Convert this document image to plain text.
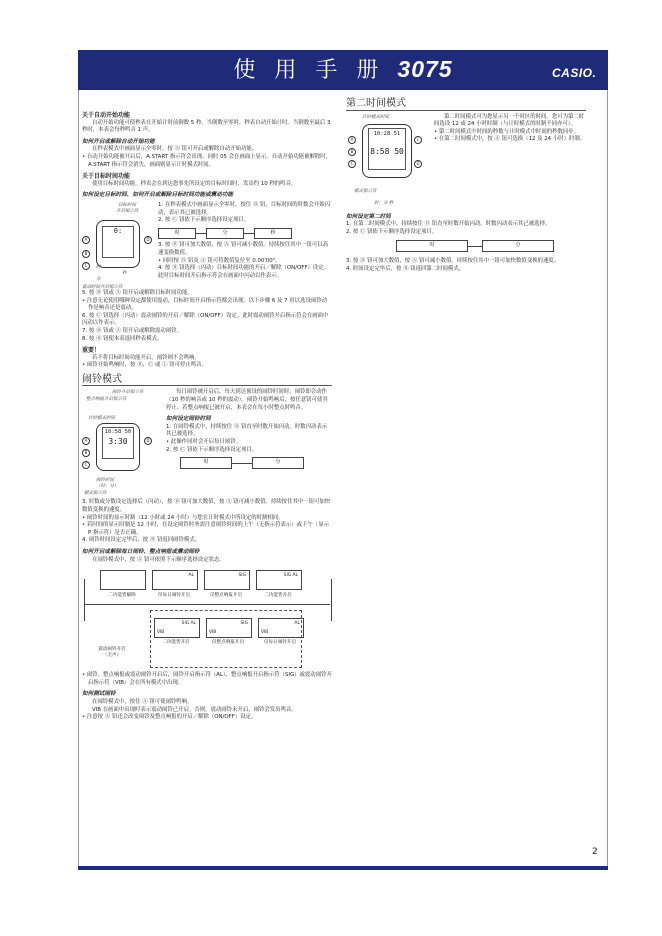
使 用 手 册 3075	CASIO.
2

关于自动开始功能

自动开始功能可使秒表在开始计时前倒数 5 秒。当倒数至零时，秒表自动开始计时。当倒数至最后 3 秒时，本表会每秒鸣音 1 声。

如何开启或解除自动开始功能

在秒表模式中画面显示全零时，按 Ⓐ 钮可开启或解除自动开始功能。

• 自动开始功能被开启后，A.START 指示符会出现。同时 05 会在画面上显示。自动开始功能被解除时，A.START 指示符会消失，画面则显示计时模式时间。

关于目标时间功能

使用目标时间功能，秒表会在到达您事先所设定的目标时间时，发出约 10 秒的鸣音。

如何设定目标时间、如何开启或解除目标时间功能或震动功能

目标时间
开启指示符
0:
A
B
C
D
时
秒
分
震动时间开启指示符

1. 在秒表模式中画面显示全零时，按住 Ⓓ 钮，目标时间的时数会开始闪动，表示其已被选择。

2. 按 Ⓒ 钮依下示顺序选择设定项目。

时	分	秒

3. 按 Ⓓ 钮可加大数值，按 Ⓐ 钮可减小数值。持续按住其中一钮可以高速变换数值。

• 同时按 Ⓓ 钮及 Ⓐ 钮可将数值复位至 0.00'00"。

4. 按 Ⓑ 钮选择（闪动）目标时间功能的开启／解除（ON/OFF）设定。此时目标时间开启指示符会在画面中闪动以作表示。

5. 按 Ⓓ 钮或 Ⓐ 钮开启或解除目标时间功能。

• 注意无论使用哪种设定都使用震动，目标时间开启指示符都会出现。以下步骤 6 及 7 用以选设闹铃动作是响音还是震动。

6. 按 Ⓒ 钮选择（闪动）震动闹铃的开启／解除（ON/OFF）设定。此时震动闹铃开启指示符会在画面中闪动以作表示。

7. 按 Ⓓ 钮或 Ⓐ 钮开启或解除震动闹铃。

8. 按 Ⓑ 钮使本表返回秒表模式。

重要！

若不将目标时间功能开启，闹铃则不会鸣响。

• 闹铃开始鸣响时，按 Ⓑ、Ⓒ 或 Ⓛ 钮可停止鸣音。

闹铃模式
闹铃开启指示符
整点响报开启指示符
计时模式时间
10:58 50
3:30
A
B
C
D
闹铃时间
（时：分）
模式指示符

每日闹铃被开启后，每天到达预设的闹铃时间时，闹铃即会动作（10 秒的响音或 10 秒的震动）。闹铃开始鸣响后，按任意钮可使其停止。若整点响报已被开启，本表会在每小时整点时鸣音。

如何设定闹铃时间

1. 在闹铃模式中，持续按住 Ⓓ 钮直至时数开始闪动。时数闪动表示其已被选择。

• 此操作同时会开启每日闹铃。

2. 按 Ⓒ 钮依下示顺序选择设定项目。

时	分

3. 时数或分数设定选择后（闪动），按 Ⓓ 钮可加大数值，按 Ⓐ 钮可减小数值。持续按住其中一钮可加快数值变换的速度。

• 闹铃时间的显示时制（12 小时或 24 小时）与您在计时模式中所设定的时制相同。

• 若时间的显示时制是 12 小时，在设定闹铃时务需注意闹铃时间的上午（无指示符表示）或下午（显示 P 指示符）是否正确。

4. 闹铃时间设定完毕后，按 Ⓑ 钮返回闹铃模式。

如何开启或解除每日闹铃、整点响报或震动闹铃

在闹铃模式中，按 Ⓐ 钮可依照下示顺序选择设定状态。

AL	SIG	SIG AL
二功能皆解除	仅每日闹铃开启	仅整点响报开启	二功能皆开启
SIG AL
VIB
SIG
VIB
AL
VIB
二功能皆开启	仅整点响报开启	仅每日闹铃开启
震动闹铃开启
（无声）

• 闹铃、整点响报或震动闹铃开启后，闹铃开启指示符（AL）、整点响报开启指示符（SIG）或震动闹铃开启指示符（VIB）会在所有模式中出现。

如何测试闹铃

在闹铃模式中，按住 Ⓐ 钮可使闹铃鸣响。

VIB 在画面中出现时表示震动闹铃已开启。否则，震动闹铃未开启，闹铃会发出鸣音。

• 注意按 Ⓐ 钮还会改变闹铃及整点响报的开启／解除（ON/OFF）设定。

第二时间模式
计时模式时间
10:28 51
8:58 50
A
B
C
L
D
模式指示符
时：分 秒

第二时间模式可为您显示另一个时区的时间。您可为第二时间选设 12 或 24 小时时制（与计时模式的时制不同亦可）。

• 第二时间模式中时间的秒数与计时模式中时间的秒数同步。

• 在第二时间模式中，按 Ⓐ 钮可选换（12 及 24 小时）时制。

如何设定第二时间

1. 在第二时间模式中，持续按住 Ⓓ 钮直至时数开始闪动。时数闪动表示其已被选择。

2. 按 Ⓒ 钮依下示顺序选择设定项目。

时	分

3. 按 Ⓓ 钮可加大数值，按 Ⓐ 钮可减小数值。持续按住其中一钮可加快数值变换的速度。

4. 时间设定完毕后，按 Ⓑ 钮返回第二时间模式。
